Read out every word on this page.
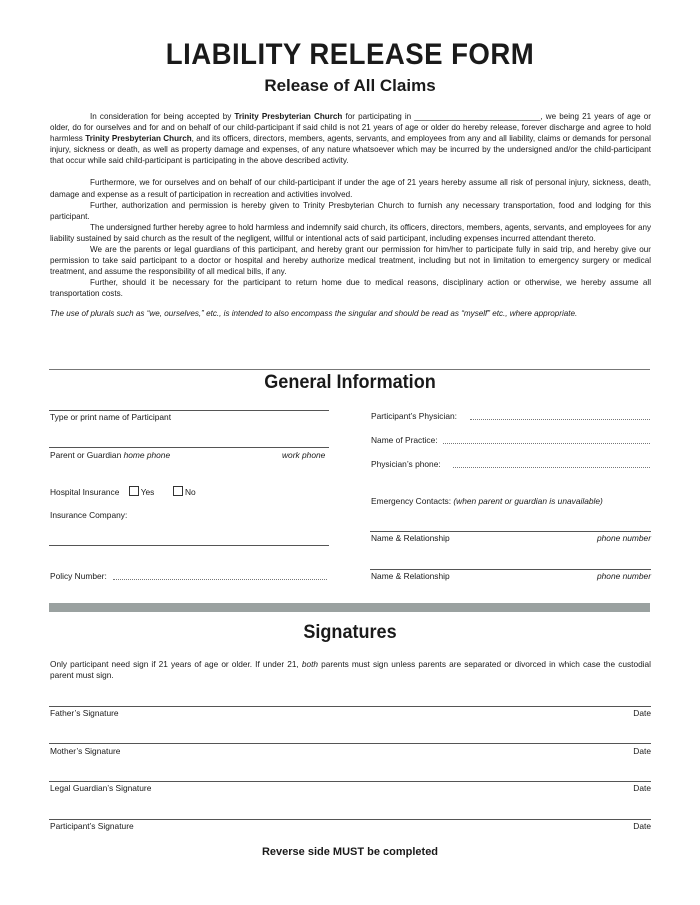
LIABILITY RELEASE FORM
Release of All Claims

In consideration for being accepted by Trinity Presbyterian Church for participating in ____________________________, we being 21 years of age or older, do for ourselves and for and on behalf of our child-participant if said child is not 21 years of age or older do hereby release, forever discharge and agree to hold harmless Trinity Presbyterian Church, and its officers, directors, members, agents, servants, and employees from any and all liability, claims or demands for personal injury, sickness or death, as well as property damage and expenses, of any nature whatsoever which may be incurred by the undersigned and/or the child-participant that occur while said child-participant is participating in the above described activity.

Furthermore, we for ourselves and on behalf of our child-participant if under the age of 21 years hereby assume all risk of personal injury, sickness, death, damage and expense as a result of participation in recreation and activities involved.

Further, authorization and permission is hereby given to Trinity Presbyterian Church to furnish any necessary transportation, food and lodging for this participant.

The undersigned further hereby agree to hold harmless and indemnify said church, its officers, directors, members, agents, servants, and employees for any liability sustained by said church as the result of the negligent, willful or intentional acts of said participant, including expenses incurred attendant thereto.

We are the parents or legal guardians of this participant, and hereby grant our permission for him/her to participate fully in said trip, and hereby give our permission to take said participant to a doctor or hospital and hereby authorize medical treatment, including but not in limitation to emergency surgery or medical treatment, and assume the responsibility of all medical bills, if any.

Further, should it be necessary for the participant to return home due to medical reasons, disciplinary action or otherwise, we hereby assume all transportation costs.

The use of plurals such as “we, ourselves,” etc., is intended to also encompass the singular and should be read as “myself” etc., where appropriate.

General Information
Type or print name of Participant
Parent or Guardian home phone	work phone
Hospital Insurance	Yes	No
Insurance Company:
Policy Number:
Participant’s Physician:
Name of Practice:
Physician’s phone:
Emergency Contacts: (when parent or guardian is unavailable)
Name & Relationship	phone number
Name & Relationship	phone number
Signatures

Only participant need sign if 21 years of age or older. If under 21, both parents must sign unless parents are separated or divorced in which case the custodial parent must sign.

Father’s Signature	Date
Mother’s Signature	Date
Legal Guardian’s Signature	Date
Participant’s Signature	Date
Reverse side MUST be completed
